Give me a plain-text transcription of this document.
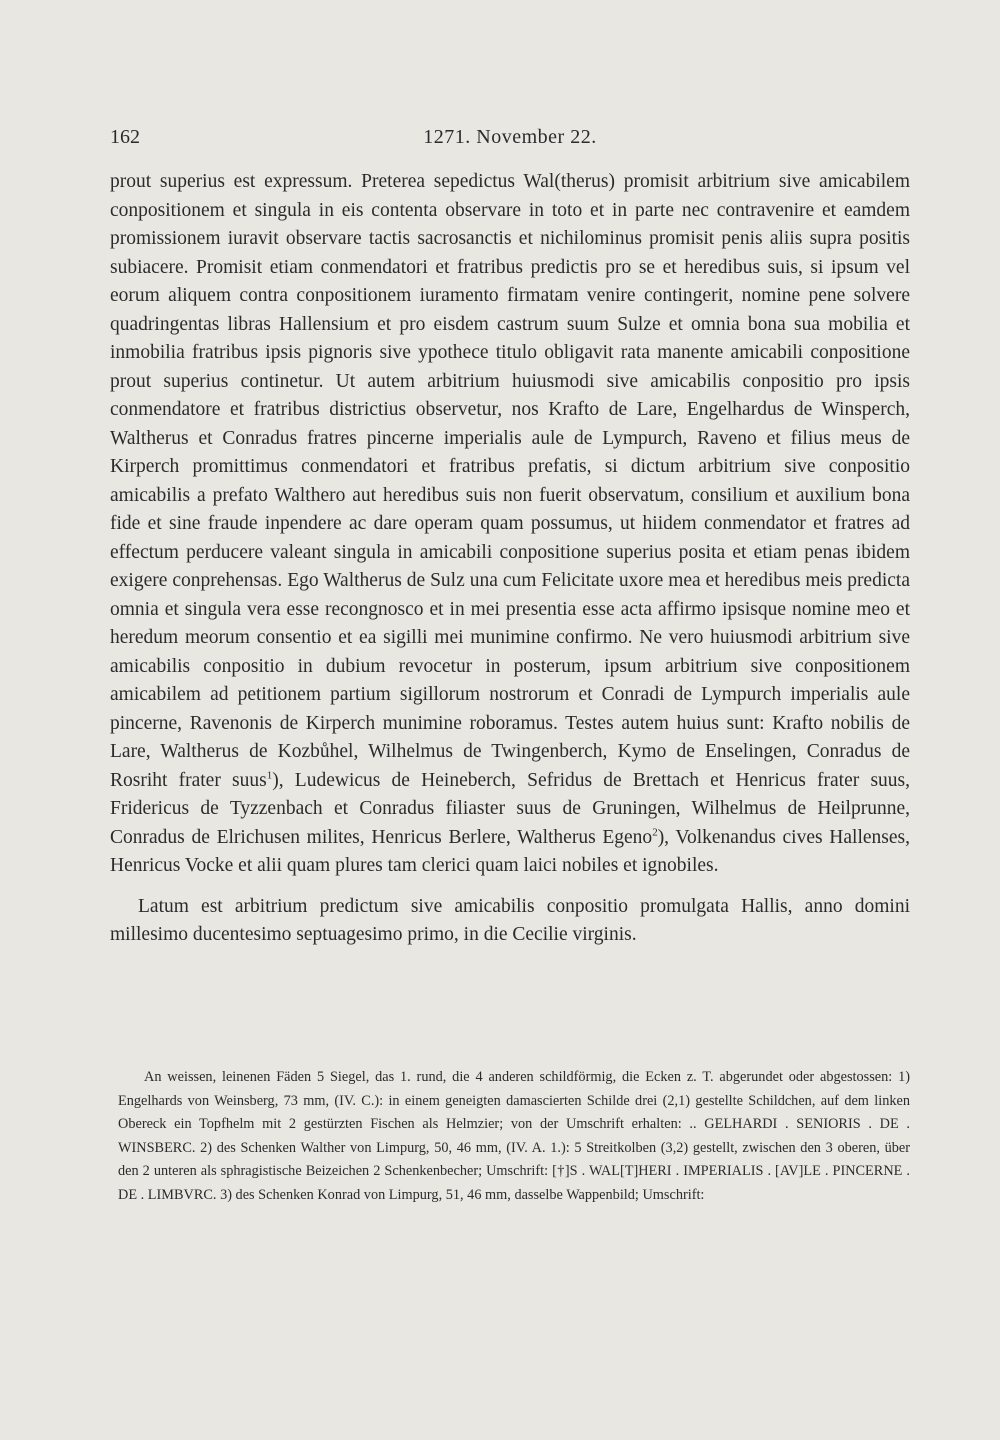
162	1271. November 22.

prout superius est expressum. Preterea sepedictus Wal(therus) promisit arbitrium sive amicabilem conpositionem et singula in eis contenta observare in toto et in parte nec contravenire et eamdem promissionem iuravit observare tactis sacrosanctis et nichilominus promisit penis aliis supra positis subiacere. Promisit etiam conmendatori et fratribus predictis pro se et heredibus suis, si ipsum vel eorum aliquem contra conpositionem iuramento firmatam venire contingerit, nomine pene solvere quadringentas libras Hallensium et pro eisdem castrum suum Sulze et omnia bona sua mobilia et inmobilia fratribus ipsis pignoris sive ypothece titulo obligavit rata manente amicabili conpositione prout superius continetur. Ut autem arbitrium huiusmodi sive amicabilis conpositio pro ipsis conmendatore et fratribus districtius observetur, nos Krafto de Lare, Engelhardus de Winsperch, Waltherus et Conradus fratres pincerne imperialis aule de Lympurch, Raveno et filius meus de Kirperch promittimus conmendatori et fratribus prefatis, si dictum arbitrium sive conpositio amicabilis a prefato Walthero aut heredibus suis non fuerit observatum, consilium et auxilium bona fide et sine fraude inpendere ac dare operam quam possumus, ut hiidem conmendator et fratres ad effectum perducere valeant singula in amicabili conpositione superius posita et etiam penas ibidem exigere conprehensas. Ego Waltherus de Sulz una cum Felicitate uxore mea et heredibus meis predicta omnia et singula vera esse recongnosco et in mei presentia esse acta affirmo ipsisque nomine meo et heredum meorum consentio et ea sigilli mei munimine confirmo. Ne vero huiusmodi arbitrium sive amicabilis conpositio in dubium revocetur in posterum, ipsum arbitrium sive conpositionem amicabilem ad petitionem partium sigillorum nostrorum et Conradi de Lympurch imperialis aule pincerne, Ravenonis de Kirperch munimine roboramus. Testes autem huius sunt: Krafto nobilis de Lare, Waltherus de Kozbůhel, Wilhelmus de Twingenberch, Kymo de Enselingen, Conradus de Rosriht frater suus$^1$), Ludewicus de Heineberch, Sefridus de Brettach et Henricus frater suus, Fridericus de Tyzzenbach et Conradus filiaster suus de Gruningen, Wilhelmus de Heilprunne, Conradus de Elrichusen milites, Henricus Berlere, Waltherus Egeno$^2$), Volkenandus cives Hallenses, Henricus Vocke et alii quam plures tam clerici quam laici nobiles et ignobiles.

Latum est arbitrium predictum sive amicabilis conpositio promulgata Hallis, anno domini millesimo ducentesimo septuagesimo primo, in die Cecilie virginis.

An weissen, leinenen Fäden 5 Siegel, das 1. rund, die 4 anderen schildförmig, die Ecken z. T. abgerundet oder abgestossen: 1) Engelhards von Weinsberg, 73 mm, (IV. C.): in einem geneigten damascierten Schilde drei (2,1) gestellte Schildchen, auf dem linken Obereck ein Topfhelm mit 2 gestürzten Fischen als Helmzier; von der Umschrift erhalten: .. GELHARDI . SENIORIS . DE . WINSBERC. 2) des Schenken Walther von Limpurg, 50, 46 mm, (IV. A. 1.): 5 Streitkolben (3,2) gestellt, zwischen den 3 oberen, über den 2 unteren als sphragistische Beizeichen 2 Schenkenbecher; Umschrift: [†]S . WAL[T]HERI . IMPERIALIS . [AV]LE . PINCERNE . DE . LIMBVRC. 3) des Schenken Konrad von Limpurg, 51, 46 mm, dasselbe Wappenbild; Umschrift:
